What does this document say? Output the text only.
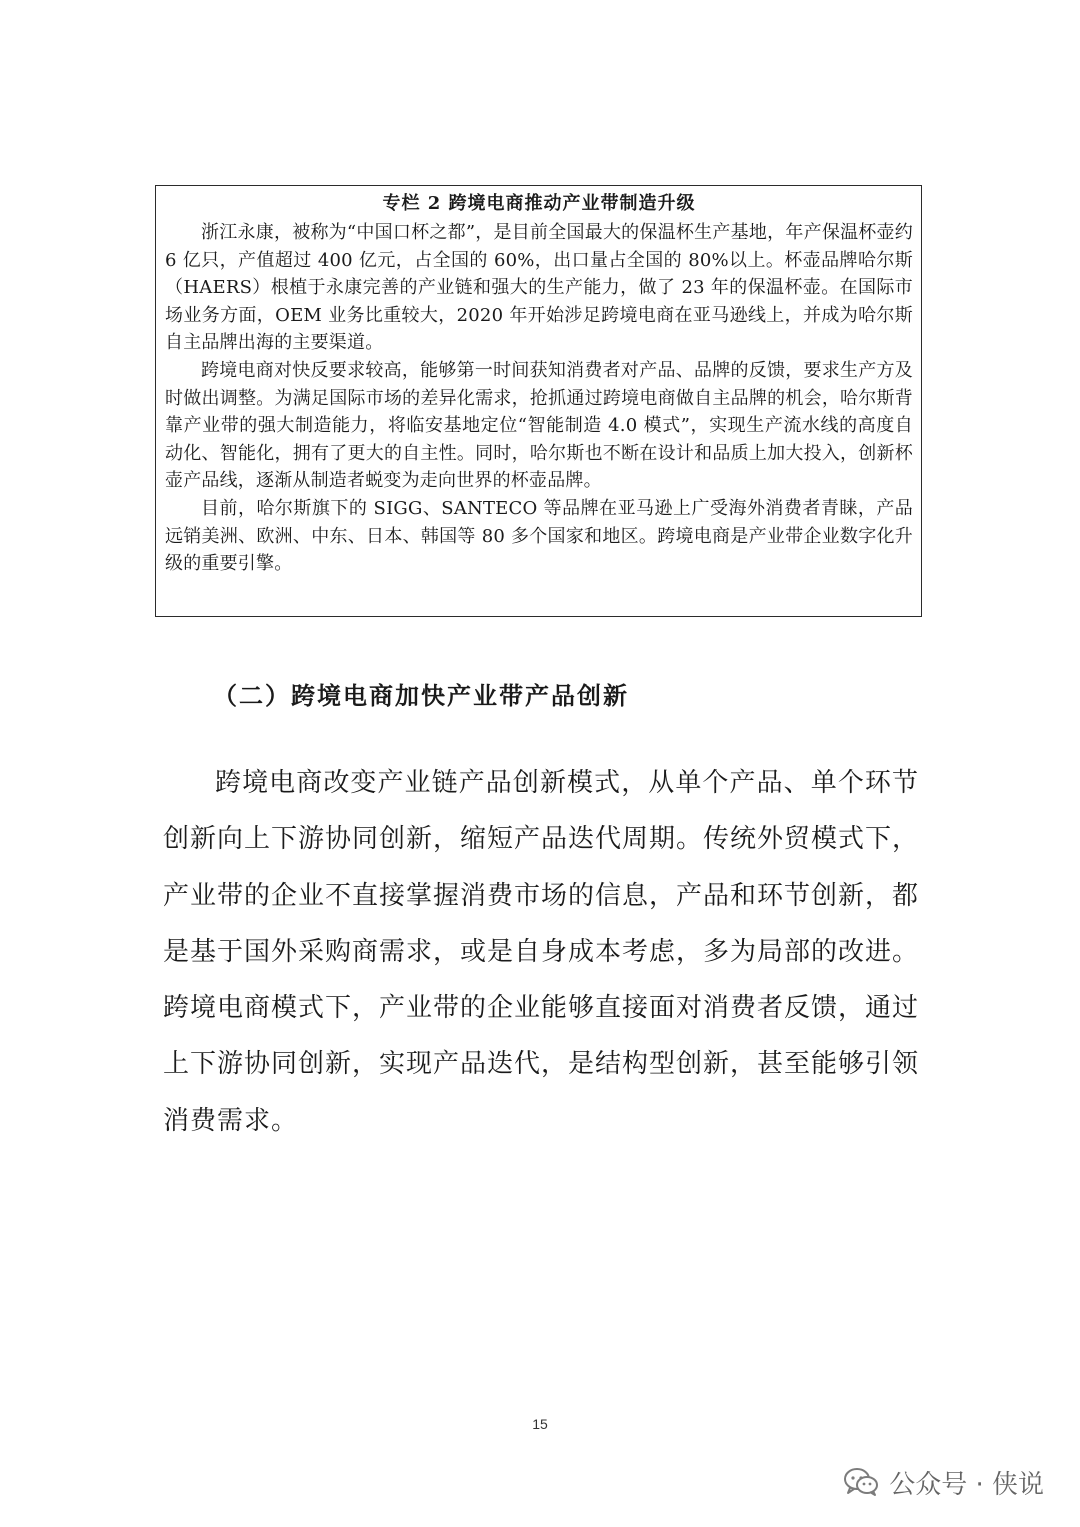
专栏 2 跨境电商推动产业带制造升级

浙江永康，被称为“中国口杯之都”，是目前全国最大的保温杯生产基地，年产保温杯壶约 6 亿只，产值超过 400 亿元，占全国的 60%，出口量占全国的 80%以上。杯壶品牌哈尔斯（HAERS）根植于永康完善的产业链和强大的生产能力，做了 23 年的保温杯壶。在国际市场业务方面，OEM 业务比重较大，2020 年开始涉足跨境电商在亚马逊线上，并成为哈尔斯自主品牌出海的主要渠道。

跨境电商对快反要求较高，能够第一时间获知消费者对产品、品牌的反馈，要求生产方及时做出调整。为满足国际市场的差异化需求，抢抓通过跨境电商做自主品牌的机会，哈尔斯背靠产业带的强大制造能力，将临安基地定位“智能制造 4.0 模式”，实现生产流水线的高度自动化、智能化，拥有了更大的自主性。同时，哈尔斯也不断在设计和品质上加大投入，创新杯壶产品线，逐渐从制造者蜕变为走向世界的杯壶品牌。

目前，哈尔斯旗下的 SIGG、SANTECO 等品牌在亚马逊上广受海外消费者青睐，产品远销美洲、欧洲、中东、日本、韩国等 80 多个国家和地区。跨境电商是产业带企业数字化升级的重要引擎。

（二）跨境电商加快产业带产品创新

跨境电商改变产业链产品创新模式，从单个产品、单个环节创新向上下游协同创新，缩短产品迭代周期。传统外贸模式下，产业带的企业不直接掌握消费市场的信息，产品和环节创新，都是基于国外采购商需求，或是自身成本考虑，多为局部的改进。跨境电商模式下，产业带的企业能够直接面对消费者反馈，通过上下游协同创新，实现产品迭代，是结构型创新，甚至能够引领消费需求。

15
公众号 · 侠说
